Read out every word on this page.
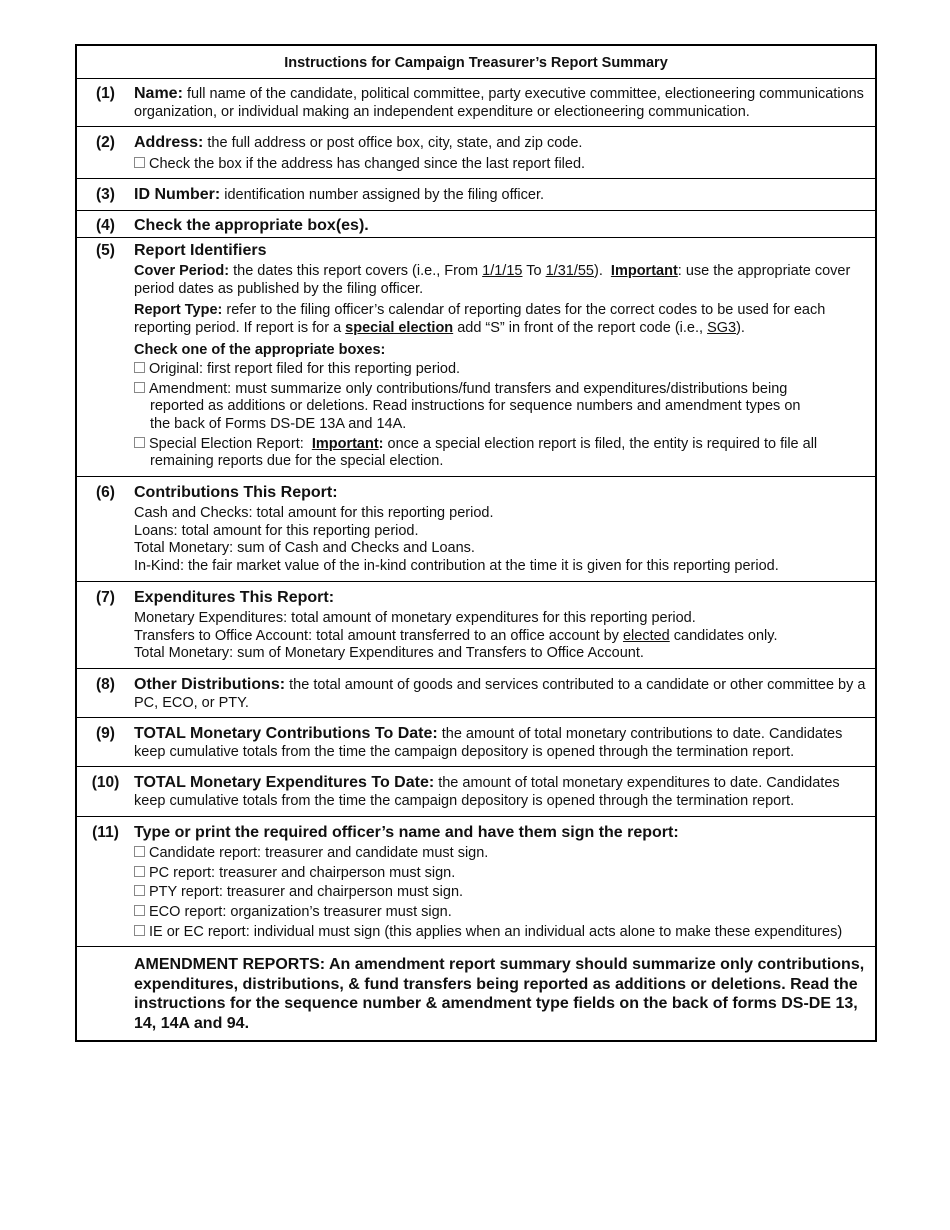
Instructions for Campaign Treasurer’s Report Summary
(1)	Name: full name of the candidate, political committee, party executive committee, electioneering communications organization, or individual making an independent expenditure or electioneering communication.
(2)	Address: the full address or post office box, city, state, and zip code.
Check the box if the address has changed since the last report filed.
(3)	ID Number: identification number assigned by the filing officer.
(4)	Check the appropriate box(es).
(5)	Report Identifiers
Cover Period: the dates this report covers (i.e., From 1/1/15 To 1/31/55). Important: use the appropriate cover period dates as published by the filing officer.
Report Type: refer to the filing officer’s calendar of reporting dates for the correct codes to be used for each reporting period. If report is for a special election add “S” in front of the report code (i.e., SG3).
Check one of the appropriate boxes:
Original: first report filed for this reporting period.
Amendment: must summarize only contributions/fund transfers and expenditures/distributions being
reported as additions or deletions. Read instructions for sequence numbers and amendment types on
the back of Forms DS-DE 13A and 14A.
Special Election Report: Important: once a special election report is filed, the entity is required to file all
remaining reports due for the special election.
(6)	Contributions This Report:
Cash and Checks: total amount for this reporting period.
Loans: total amount for this reporting period.
Total Monetary: sum of Cash and Checks and Loans.
In-Kind: the fair market value of the in-kind contribution at the time it is given for this reporting period.
(7)	Expenditures This Report:
Monetary Expenditures: total amount of monetary expenditures for this reporting period.
Transfers to Office Account: total amount transferred to an office account by elected candidates only.
Total Monetary: sum of Monetary Expenditures and Transfers to Office Account.
(8)	Other Distributions: the total amount of goods and services contributed to a candidate or other committee by a PC, ECO, or PTY.
(9)	TOTAL Monetary Contributions To Date: the amount of total monetary contributions to date. Candidates keep cumulative totals from the time the campaign depository is opened through the termination report.
(10) TOTAL Monetary Expenditures To Date: the amount of total monetary expenditures to date. Candidates keep cumulative totals from the time the campaign depository is opened through the termination report.
(11) Type or print the required officer’s name and have them sign the report:
Candidate report: treasurer and candidate must sign.
PC report: treasurer and chairperson must sign.
PTY report: treasurer and chairperson must sign.
ECO report: organization’s treasurer must sign.
IE or EC report: individual must sign (this applies when an individual acts alone to make these expenditures)
AMENDMENT REPORTS: An amendment report summary should summarize only contributions, expenditures, distributions, & fund transfers being reported as additions or deletions. Read the instructions for the sequence number & amendment type fields on the back of forms DS-DE 13, 14, 14A and 94.
